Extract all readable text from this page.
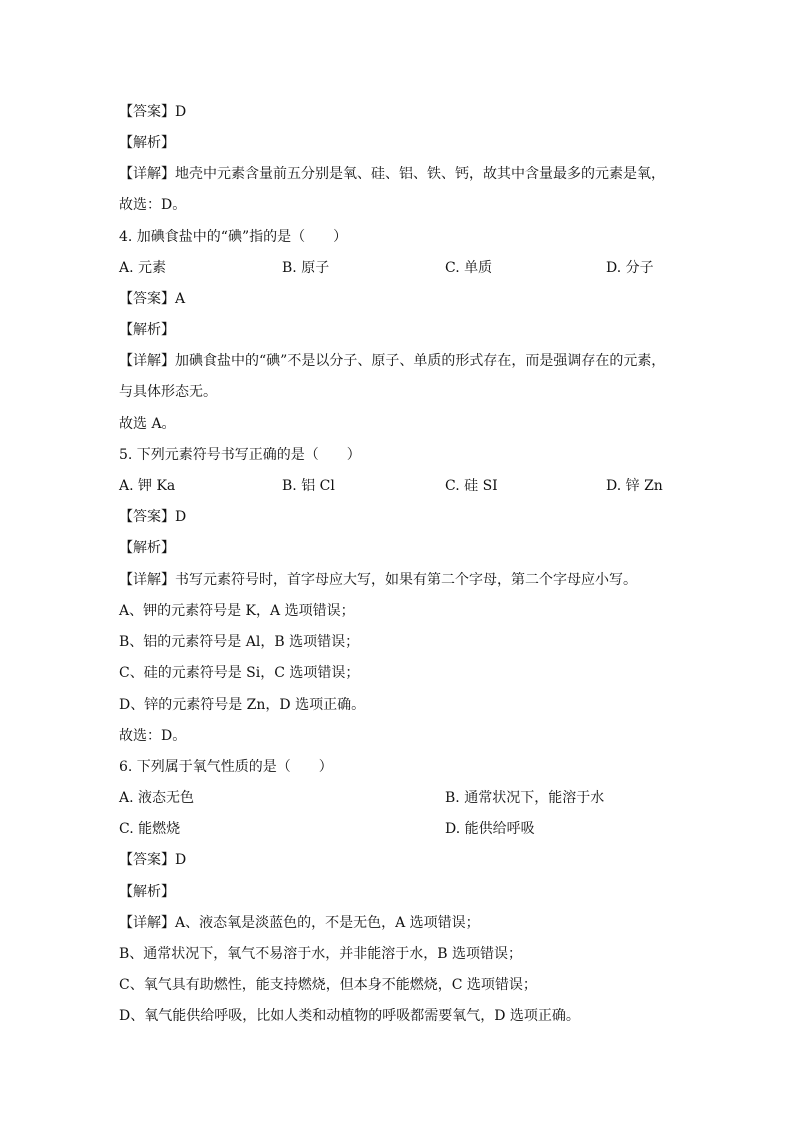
【答案】D
【解析】
【详解】地壳中元素含量前五分别是氧、硅、铝、铁、钙，故其中含量最多的元素是氧，
故选：D。
4. 加碘食盐中的“碘”指的是（　　）
A. 元素	B. 原子	C. 单质	D. 分子
【答案】A
【解析】
【详解】加碘食盐中的“碘”不是以分子、原子、单质的形式存在，而是强调存在的元素，
与具体形态无。
故选 A。
5. 下列元素符号书写正确的是（　　）
A. 钾 Ka	B. 铝 Cl	C. 硅 SI	D. 锌 Zn
【答案】D
【解析】
【详解】书写元素符号时，首字母应大写，如果有第二个字母，第二个字母应小写。
A、钾的元素符号是 K，A 选项错误；
B、铝的元素符号是 Al，B 选项错误；
C、硅的元素符号是 Si，C 选项错误；
D、锌的元素符号是 Zn，D 选项正确。
故选：D。
6. 下列属于氧气性质的是（　　）
A. 液态无色	B. 通常状况下，能溶于水
C. 能燃烧	D. 能供给呼吸
【答案】D
【解析】
【详解】A、液态氧是淡蓝色的，不是无色，A 选项错误；
B、通常状况下，氧气不易溶于水，并非能溶于水，B 选项错误；
C、氧气具有助燃性，能支持燃烧，但本身不能燃烧，C 选项错误；
D、氧气能供给呼吸，比如人类和动植物的呼吸都需要氧气，D 选项正确。
